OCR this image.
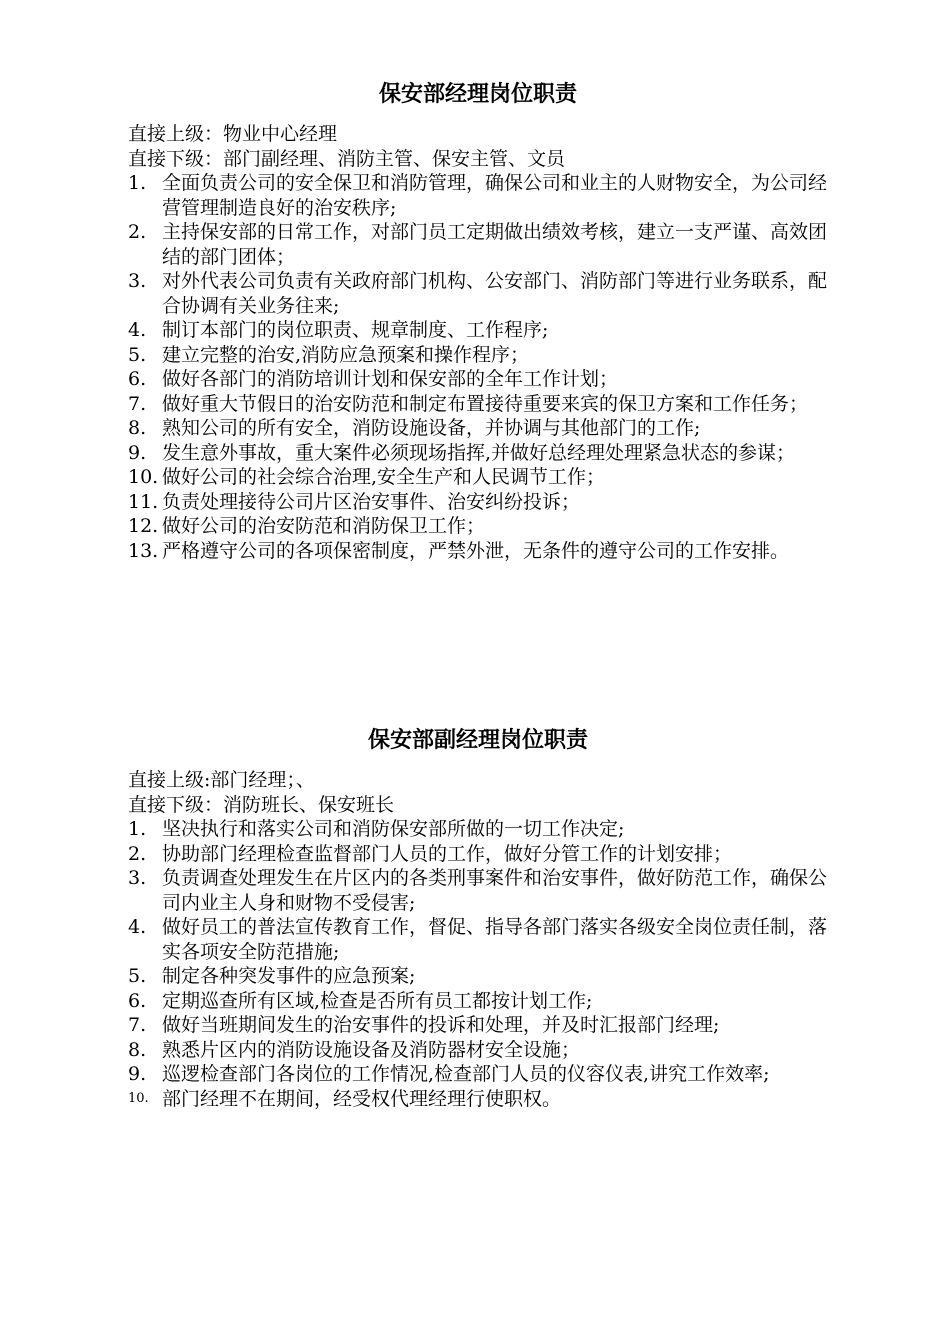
保安部经理岗位职责

直接上级：物业中心经理

直接下级：部门副经理、消防主管、保安主管、文员

1. 全面负责公司的安全保卫和消防管理，确保公司和业主的人财物安全，为公司经营管理制造良好的治安秩序;
2. 主持保安部的日常工作，对部门员工定期做出绩效考核，建立一支严谨、高效团结的部门团体；
3. 对外代表公司负责有关政府部门机构、公安部门、消防部门等进行业务联系，配合协调有关业务往来;
4. 制订本部门的岗位职责、规章制度、工作程序;
5. 建立完整的治安,消防应急预案和操作程序；
6. 做好各部门的消防培训计划和保安部的全年工作计划；
7. 做好重大节假日的治安防范和制定布置接待重要来宾的保卫方案和工作任务；
8. 熟知公司的所有安全，消防设施设备，并协调与其他部门的工作;
9. 发生意外事故，重大案件必须现场指挥,并做好总经理处理紧急状态的参谋；
10. 做好公司的社会综合治理,安全生产和人民调节工作；
11. 负责处理接待公司片区治安事件、治安纠纷投诉；
12. 做好公司的治安防范和消防保卫工作；
13. 严格遵守公司的各项保密制度，严禁外泄，无条件的遵守公司的工作安排。
保安部副经理岗位职责

直接上级:部门经理；、

直接下级：消防班长、保安班长

1. 坚决执行和落实公司和消防保安部所做的一切工作决定;
2. 协助部门经理检查监督部门人员的工作，做好分管工作的计划安排；
3. 负责调查处理发生在片区内的各类刑事案件和治安事件，做好防范工作，确保公司内业主人身和财物不受侵害;
4. 做好员工的普法宣传教育工作，督促、指导各部门落实各级安全岗位责任制，落实各项安全防范措施;
5. 制定各种突发事件的应急预案;
6. 定期巡查所有区域,检查是否所有员工都按计划工作;
7. 做好当班期间发生的治安事件的投诉和处理，并及时汇报部门经理;
8. 熟悉片区内的消防设施设备及消防器材安全设施；
9. 巡逻检查部门各岗位的工作情况,检查部门人员的仪容仪表,讲究工作效率;
10. 部门经理不在期间，经受权代理经理行使职权。
